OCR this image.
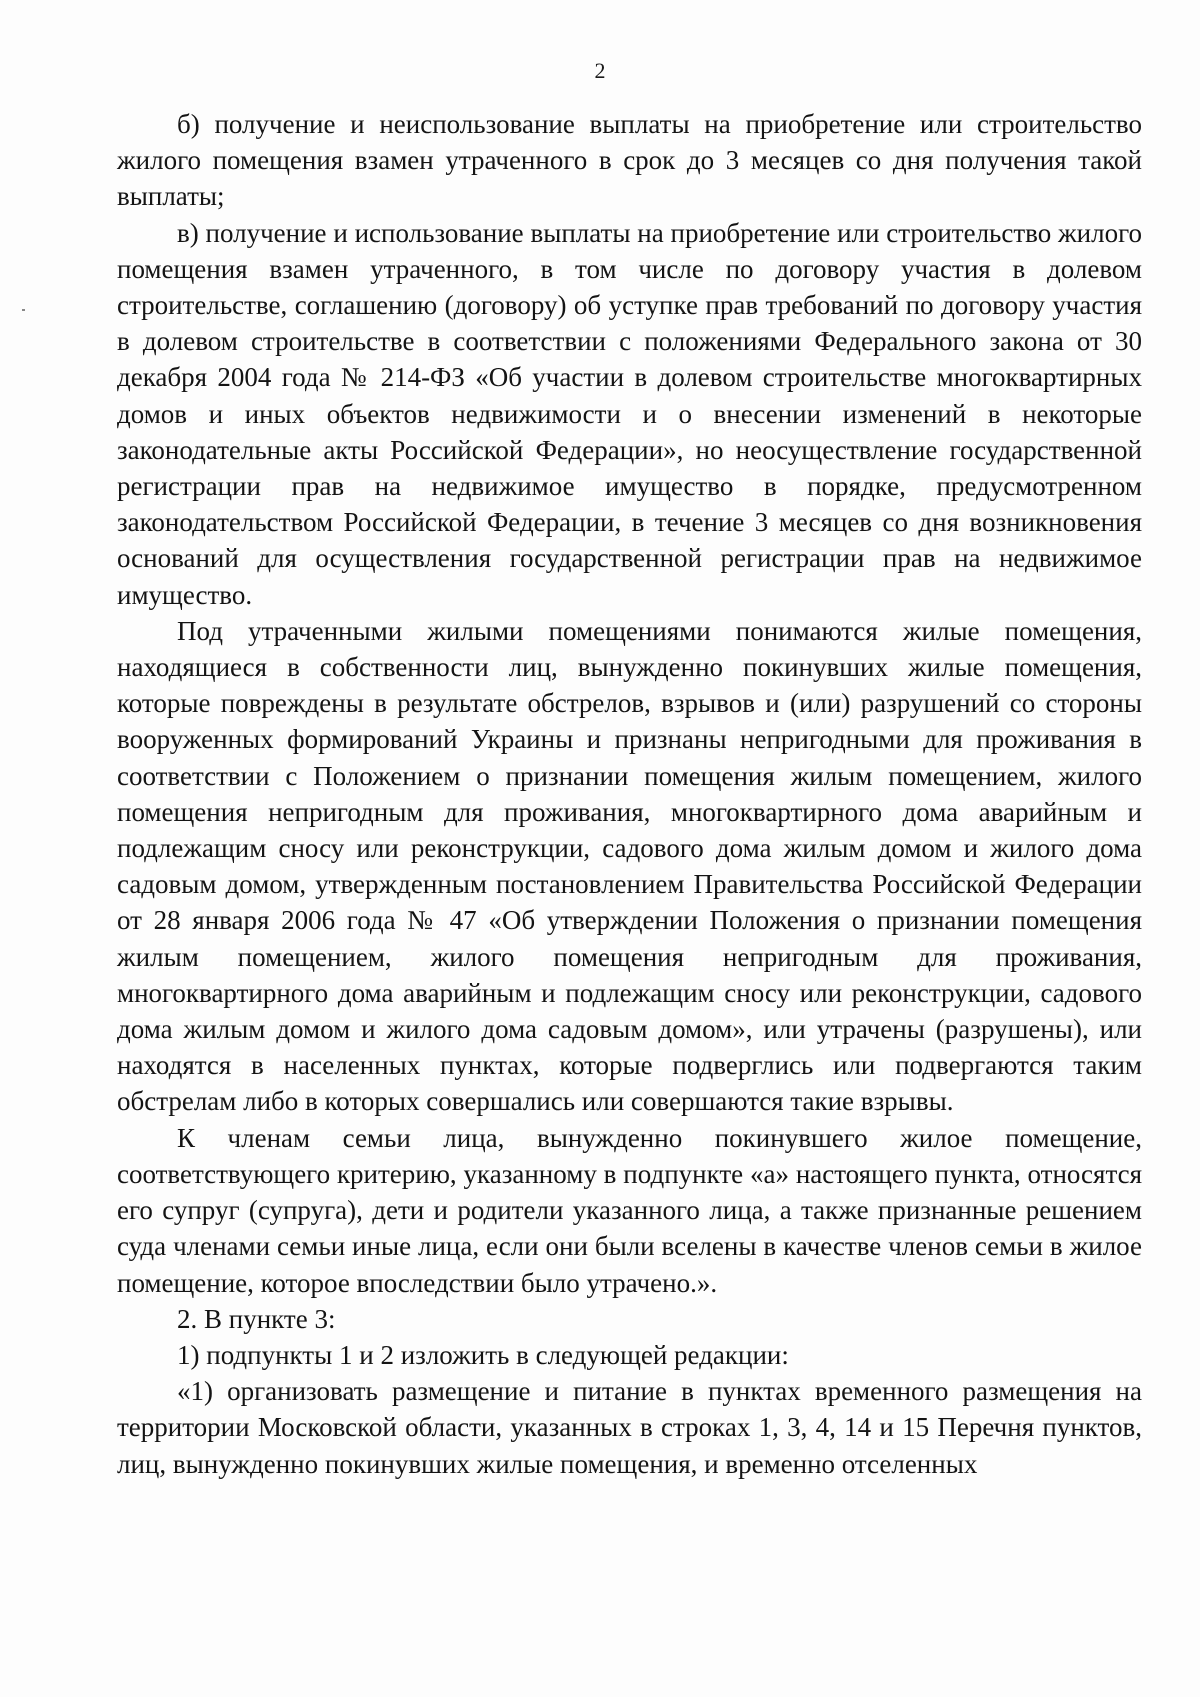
2

б) получение и неиспользование выплаты на приобретение или строительство жилого помещения взамен утраченного в срок до 3 месяцев со дня получения такой выплаты;

в) получение и использование выплаты на приобретение или строительство жилого помещения взамен утраченного, в том числе по договору участия в долевом строительстве, соглашению (договору) об уступке прав требований по договору участия в долевом строительстве в соответствии с положениями Федерального закона от 30 декабря 2004 года № 214-ФЗ «Об участии в долевом строительстве многоквартирных домов и иных объектов недвижимости и о внесении изменений в некоторые законодательные акты Российской Федерации», но неосуществление государственной регистрации прав на недвижимое имущество в порядке, предусмотренном законодательством Российской Федерации, в течение 3 месяцев со дня возникновения оснований для осуществления государственной регистрации прав на недвижимое имущество.

Под утраченными жилыми помещениями понимаются жилые помещения, находящиеся в собственности лиц, вынужденно покинувших жилые помещения, которые повреждены в результате обстрелов, взрывов и (или) разрушений со стороны вооруженных формирований Украины и признаны непригодными для проживания в соответствии с Положением о признании помещения жилым помещением, жилого помещения непригодным для проживания, многоквартирного дома аварийным и подлежащим сносу или реконструкции, садового дома жилым домом и жилого дома садовым домом, утвержденным постановлением Правительства Российской Федерации от 28 января 2006 года № 47 «Об утверждении Положения о признании помещения жилым помещением, жилого помещения непригодным для проживания, многоквартирного дома аварийным и подлежащим сносу или реконструкции, садового дома жилым домом и жилого дома садовым домом», или утрачены (разрушены), или находятся в населенных пунктах, которые подверглись или подвергаются таким обстрелам либо в которых совершались или совершаются такие взрывы.

К членам семьи лица, вынужденно покинувшего жилое помещение, соответствующего критерию, указанному в подпункте «а» настоящего пункта, относятся его супруг (супруга), дети и родители указанного лица, а также признанные решением суда членами семьи иные лица, если они были вселены в качестве членов семьи в жилое помещение, которое впоследствии было утрачено.».

2. В пункте 3:

1) подпункты 1 и 2 изложить в следующей редакции:

«1) организовать размещение и питание в пунктах временного размещения на территории Московской области, указанных в строках 1, 3, 4, 14 и 15 Перечня пунктов, лиц, вынужденно покинувших жилые помещения, и временно отселенных
